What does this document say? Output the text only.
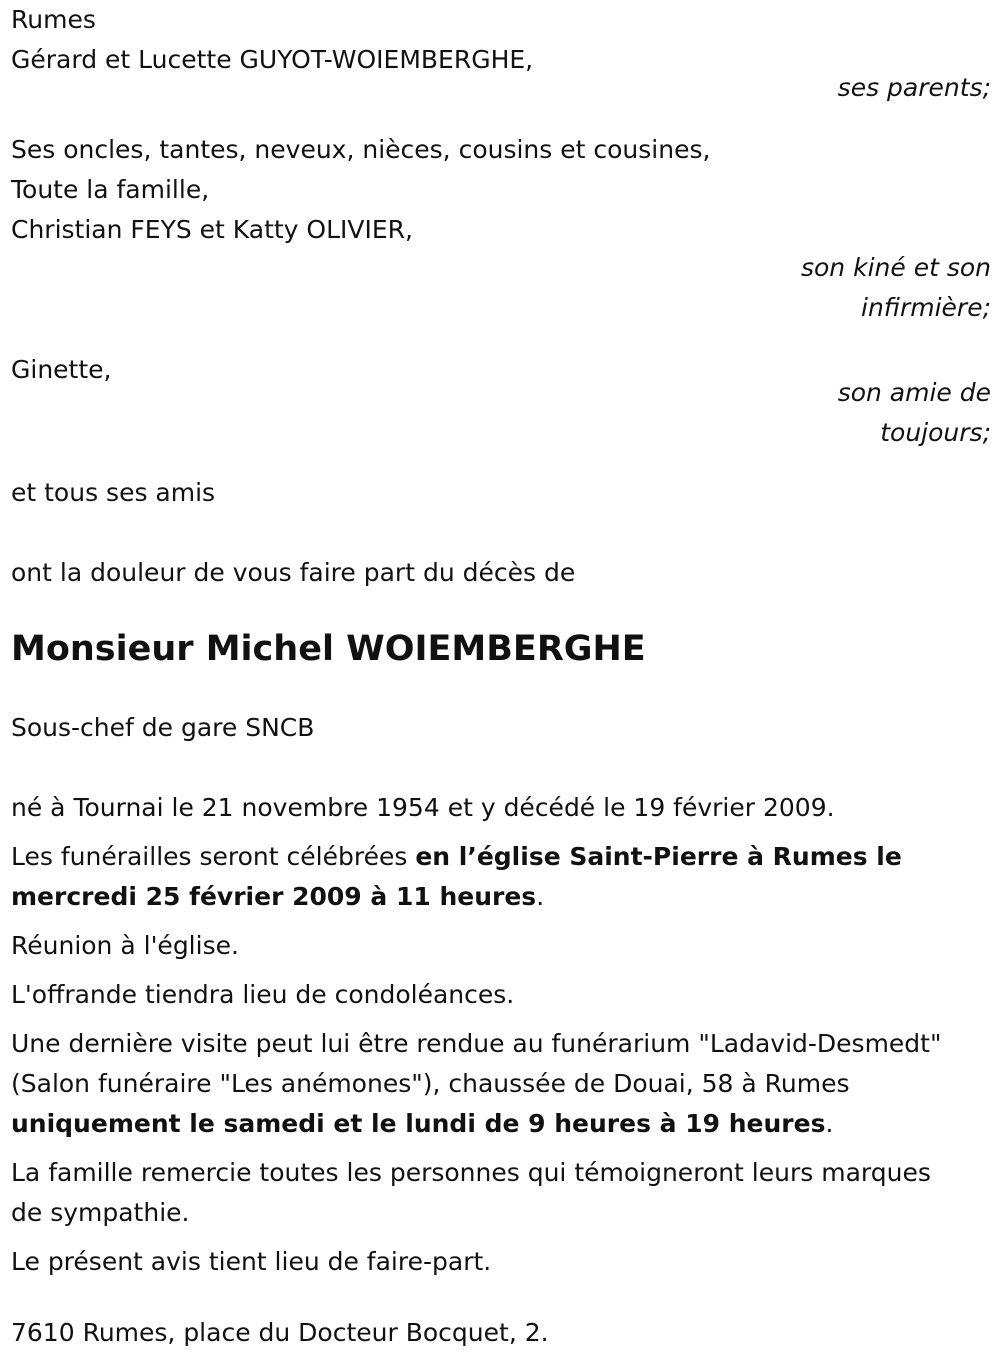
Rumes
Gérard et Lucette GUYOT-WOIEMBERGHE,
ses parents;
Ses oncles, tantes, neveux, nièces, cousins et cousines,
Toute la famille,
Christian FEYS et Katty OLIVIER,
son kiné et son
infirmière;
Ginette,
son amie de
toujours;
et tous ses amis
ont la douleur de vous faire part du décès de
Monsieur Michel WOIEMBERGHE
Sous-chef de gare SNCB
né à Tournai le 21 novembre 1954 et y décédé le 19 février 2009.

Les funérailles seront célébrées en l’église Saint-Pierre à Rumes le mercredi 25 février 2009 à 11 heures.

Réunion à l'église.

L'offrande tiendra lieu de condoléances.

Une dernière visite peut lui être rendue au funérarium "Ladavid-Desmedt" (Salon funéraire "Les anémones"), chaussée de Douai, 58 à Rumes uniquement le samedi et le lundi de 9 heures à 19 heures.

La famille remercie toutes les personnes qui témoigneront leurs marques de sympathie.

Le présent avis tient lieu de faire-part.

7610 Rumes, place du Docteur Bocquet, 2.
